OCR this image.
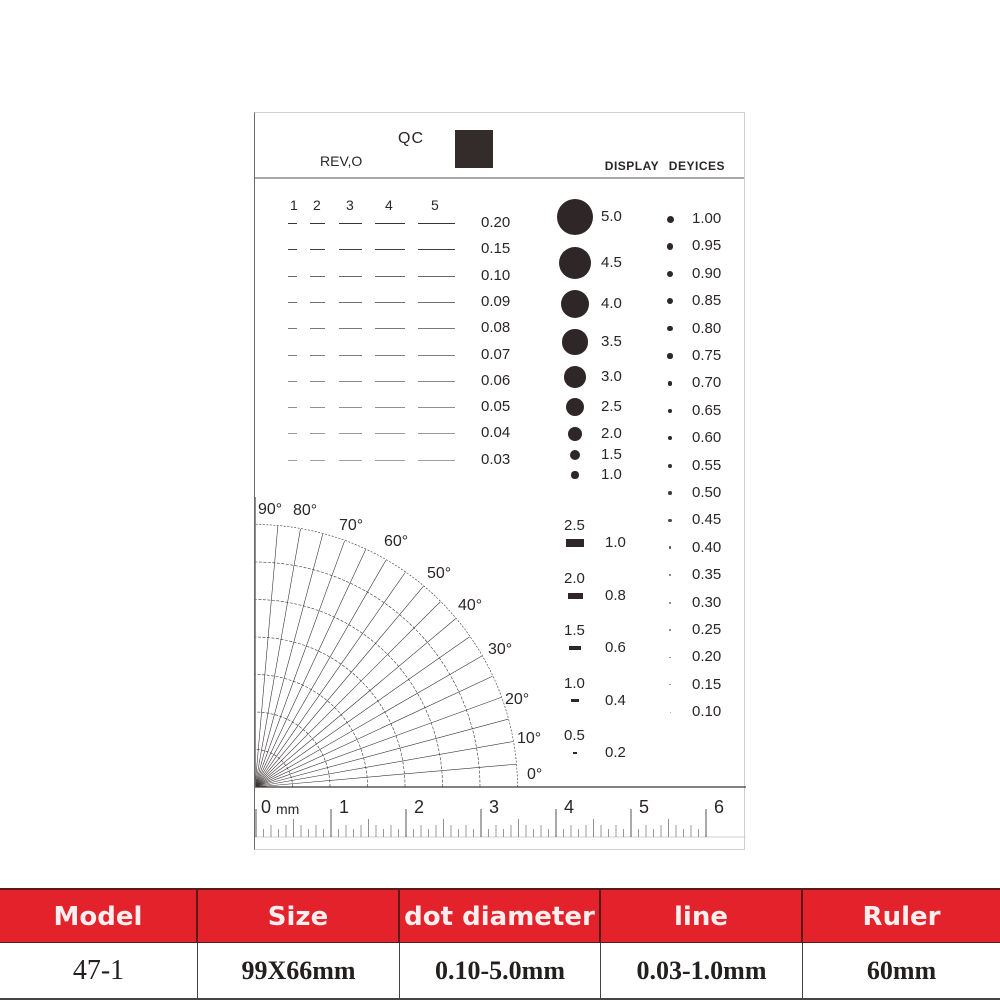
QC
REV,O	DISPLAY DEYICES
1 2 3 4	5
0.20
0.15
0.10
0.09
0.08
0.07
0.06
0.05
0.04
0.03
5.0
4.5
4.0
3.5
3.0
2.5
2.0
1.5
1.0
1.00
0.95
0.90
0.85
0.80
0.75
0.70
0.65
0.60
0.55
0.50
0.45
0.40
0.35
0.30
0.25
0.20
0.15
0.10
2.5
1.0
2.0
0.8
1.5
0.6
1.0
0.4
0.5
0.2
0°
10°
20°
30°
40°
50°
60°
70°
80°
90°
0	1	2	3	4	5	6
mm
Model	Size	dot diameter	line	Ruler
47-1	99X66mm	0.10-5.0mm	0.03-1.0mm	60mm
